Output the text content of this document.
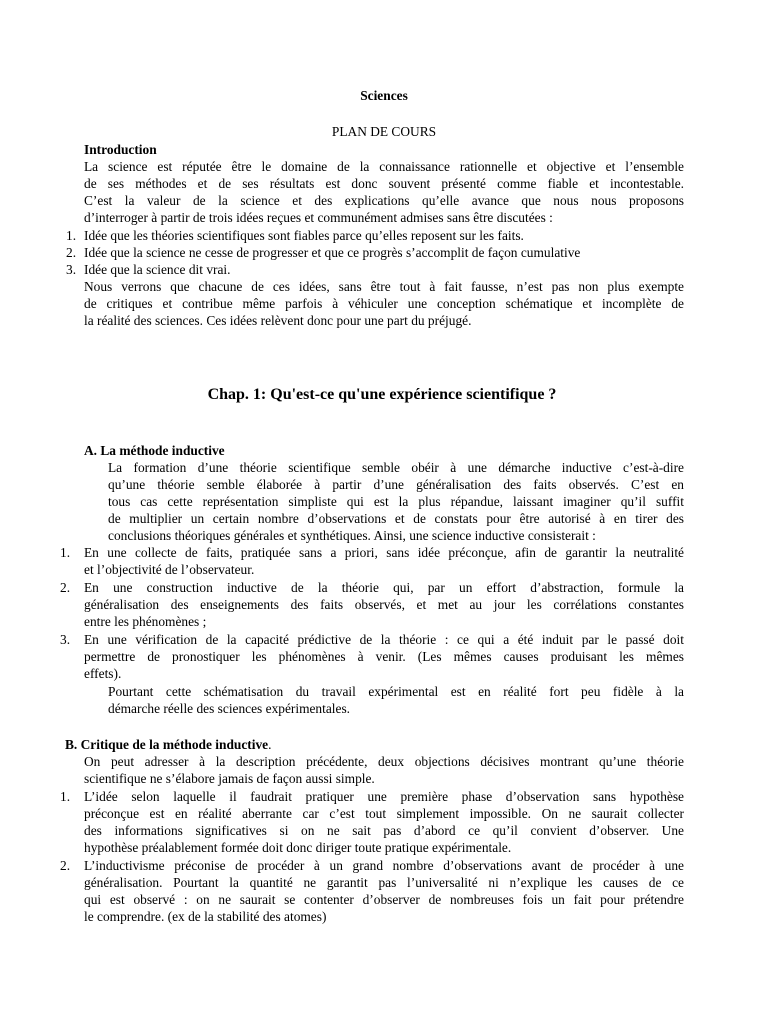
Sciences
PLAN DE COURS
Introduction
La science est réputée être le domaine de la connaissance rationnelle et objective et l’ensemble
de ses méthodes et de ses résultats est donc souvent présenté comme fiable et incontestable.
C’est la valeur de la science et des explications qu’elle avance que nous nous proposons
d’interroger à partir de trois idées reçues et communément admises sans être discutées :
1. Idée que les théories scientifiques sont fiables parce qu’elles reposent sur les faits.
2. Idée que la science ne cesse de progresser et que ce progrès s’accomplit de façon cumulative
3. Idée que la science dit vrai.
Nous verrons que chacune de ces idées, sans être tout à fait fausse, n’est pas non plus exempte
de critiques et contribue même parfois à véhiculer une conception schématique et incomplète de
la réalité des sciences. Ces idées relèvent donc pour une part du préjugé.
Chap. 1: Qu'est-ce qu'une expérience scientifique ?
A. La méthode inductive
La formation d’une théorie scientifique semble obéir à une démarche inductive c’est-à-dire
qu’une théorie semble élaborée à partir d’une généralisation des faits observés. C’est en
tous cas cette représentation simpliste qui est la plus répandue, laissant imaginer qu’il suffit
de multiplier un certain nombre d’observations et de constats pour être autorisé à en tirer des
conclusions théoriques générales et synthétiques. Ainsi, une science inductive consisterait :
1. En une collecte de faits, pratiquée sans a priori, sans idée préconçue, afin de garantir la neutralité
et l’objectivité de l’observateur.
2. En une construction inductive de la théorie qui, par un effort d’abstraction, formule la
généralisation des enseignements des faits observés, et met au jour les corrélations constantes
entre les phénomènes ;
3. En une vérification de la capacité prédictive de la théorie : ce qui a été induit par le passé doit
permettre de pronostiquer les phénomènes à venir. (Les mêmes causes produisant les mêmes
effets).
Pourtant cette schématisation du travail expérimental est en réalité fort peu fidèle à la
démarche réelle des sciences expérimentales.
B. Critique de la méthode inductive.
On peut adresser à la description précédente, deux objections décisives montrant qu’une théorie
scientifique ne s’élabore jamais de façon aussi simple.
1. L’idée selon laquelle il faudrait pratiquer une première phase d’observation sans hypothèse
préconçue est en réalité aberrante car c’est tout simplement impossible. On ne saurait collecter
des informations significatives si on ne sait pas d’abord ce qu’il convient d’observer. Une
hypothèse préalablement formée doit donc diriger toute pratique expérimentale.
2. L’inductivisme préconise de procéder à un grand nombre d’observations avant de procéder à une
généralisation. Pourtant la quantité ne garantit pas l’universalité ni n’explique les causes de ce
qui est observé : on ne saurait se contenter d’observer de nombreuses fois un fait pour prétendre
le comprendre. (ex de la stabilité des atomes)
